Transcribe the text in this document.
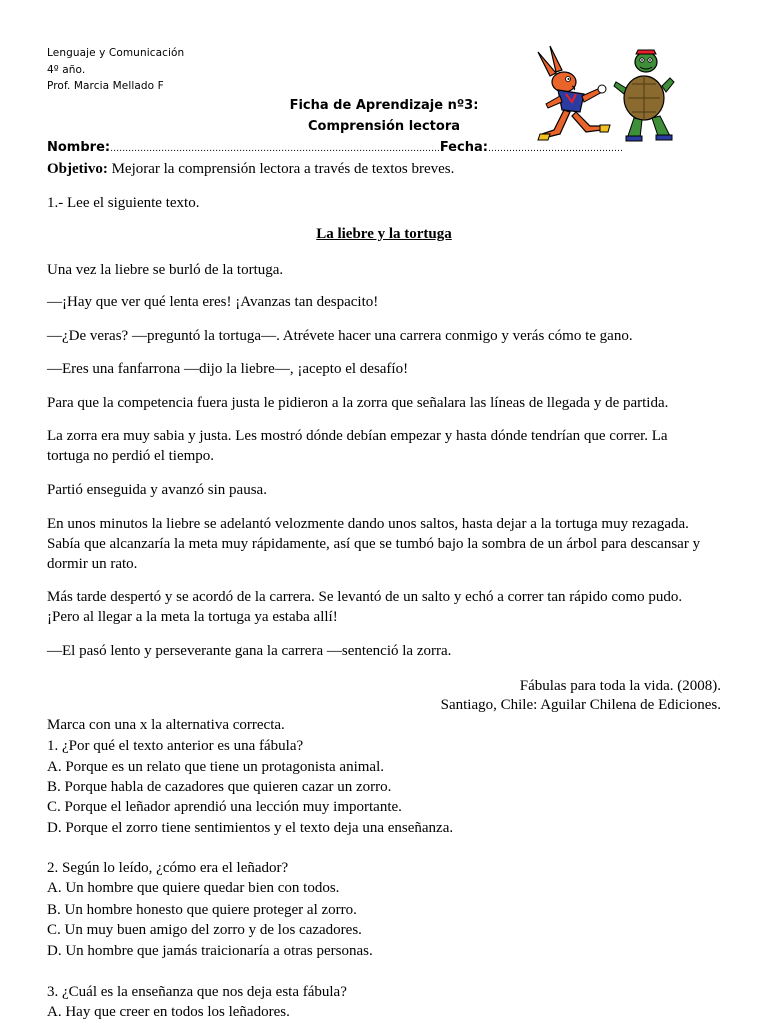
Lenguaje y Comunicación
4º año.
Prof. Marcia Mellado F
Ficha de Aprendizaje nº3:
Comprensión lectora
Nombre:…………………………………………………………………………………………….….Fecha:………………………………………
Objetivo: Mejorar la comprensión lectora a través de textos breves.
1.- Lee el siguiente texto.
La liebre y la tortuga
Una vez la liebre se burló de la tortuga.
—¡Hay que ver qué lenta eres! ¡Avanzas tan despacito!
—¿De veras? —preguntó la tortuga—. Atrévete hacer una carrera conmigo y verás cómo te gano.
—Eres una fanfarrona —dijo la liebre—, ¡acepto el desafío!
Para que la competencia fuera justa le pidieron a la zorra que señalara las líneas de llegada y de partida.
La zorra era muy sabia y justa. Les mostró dónde debían empezar y hasta dónde tendrían que correr. La
tortuga no perdió el tiempo.
Partió enseguida y avanzó sin pausa.
En unos minutos la liebre se adelantó velozmente dando unos saltos, hasta dejar a la tortuga muy rezagada.
Sabía que alcanzaría la meta muy rápidamente, así que se tumbó bajo la sombra de un árbol para descansar y
dormir un rato.
Más tarde despertó y se acordó de la carrera. Se levantó de un salto y echó a correr tan rápido como pudo.
¡Pero al llegar a la meta la tortuga ya estaba allí!
—El pasó lento y perseverante gana la carrera —sentenció la zorra.
Fábulas para toda la vida. (2008).
Santiago, Chile: Aguilar Chilena de Ediciones.
Marca con una x la alternativa correcta.
1. ¿Por qué el texto anterior es una fábula?
A. Porque es un relato que tiene un protagonista animal.
B. Porque habla de cazadores que quieren cazar un zorro.
C. Porque el leñador aprendió una lección muy importante.
D. Porque el zorro tiene sentimientos y el texto deja una enseñanza.
2. Según lo leído, ¿cómo era el leñador?
A. Un hombre que quiere quedar bien con todos.
B. Un hombre honesto que quiere proteger al zorro.
C. Un muy buen amigo del zorro y de los cazadores.
D. Un hombre que jamás traicionaría a otras personas.
3. ¿Cuál es la enseñanza que nos deja esta fábula?
A. Hay que creer en todos los leñadores.
